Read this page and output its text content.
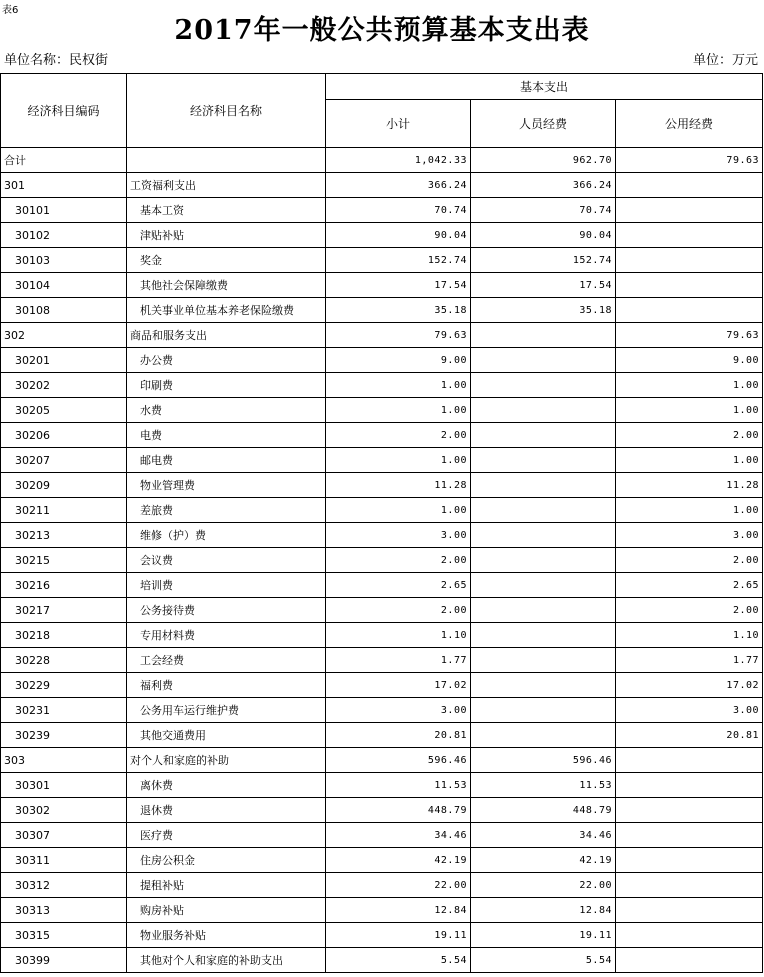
表6
2017年一般公共预算基本支出表
单位名称：民权街	单位：万元
经济科目编码	经济科目名称	基本支出		
		小计	人员经费	公用经费
合计		1,042.33	962.70	79.63
301	工资福利支出	366.24	366.24	
30101	基本工资	70.74	70.74	
30102	津贴补贴	90.04	90.04	
30103	奖金	152.74	152.74	
30104	其他社会保障缴费	17.54	17.54	
30108	机关事业单位基本养老保险缴费	35.18	35.18	
302	商品和服务支出	79.63		79.63
30201	办公费	9.00		9.00
30202	印刷费	1.00		1.00
30205	水费	1.00		1.00
30206	电费	2.00		2.00
30207	邮电费	1.00		1.00
30209	物业管理费	11.28		11.28
30211	差旅费	1.00		1.00
30213	维修（护）费	3.00		3.00
30215	会议费	2.00		2.00
30216	培训费	2.65		2.65
30217	公务接待费	2.00		2.00
30218	专用材料费	1.10		1.10
30228	工会经费	1.77		1.77
30229	福利费	17.02		17.02
30231	公务用车运行维护费	3.00		3.00
30239	其他交通费用	20.81		20.81
303	对个人和家庭的补助	596.46	596.46	
30301	离休费	11.53	11.53	
30302	退休费	448.79	448.79	
30307	医疗费	34.46	34.46	
30311	住房公积金	42.19	42.19	
30312	提租补贴	22.00	22.00	
30313	购房补贴	12.84	12.84	
30315	物业服务补贴	19.11	19.11	
30399	其他对个人和家庭的补助支出	5.54	5.54	
